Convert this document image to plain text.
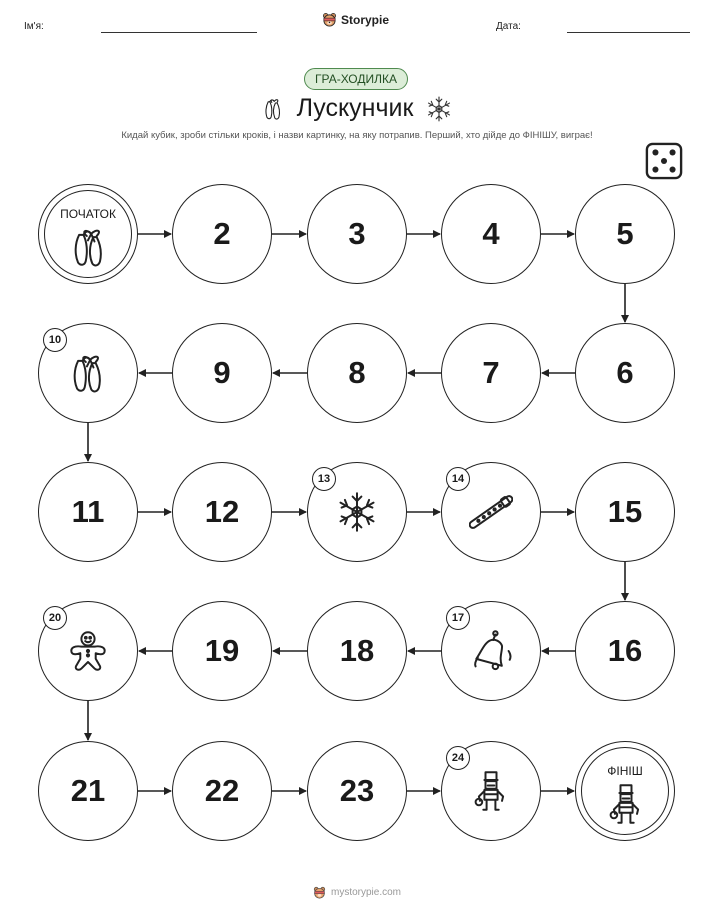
Ім'я:	Storypie	Дата:
ГРА-ХОДИЛКА
Лускунчик
Кидай кубик, зроби стільки кроків, і назви картинку, на яку потрапив. Перший, хто дійде до ФІНІШУ, виграє!
ПОЧАТОК
2	3	4	5
6
7
8
9
10
11	12
13	14
15
16
17
18
19
20
21	22	23
24
ФІНІШ
mystorypie.com
